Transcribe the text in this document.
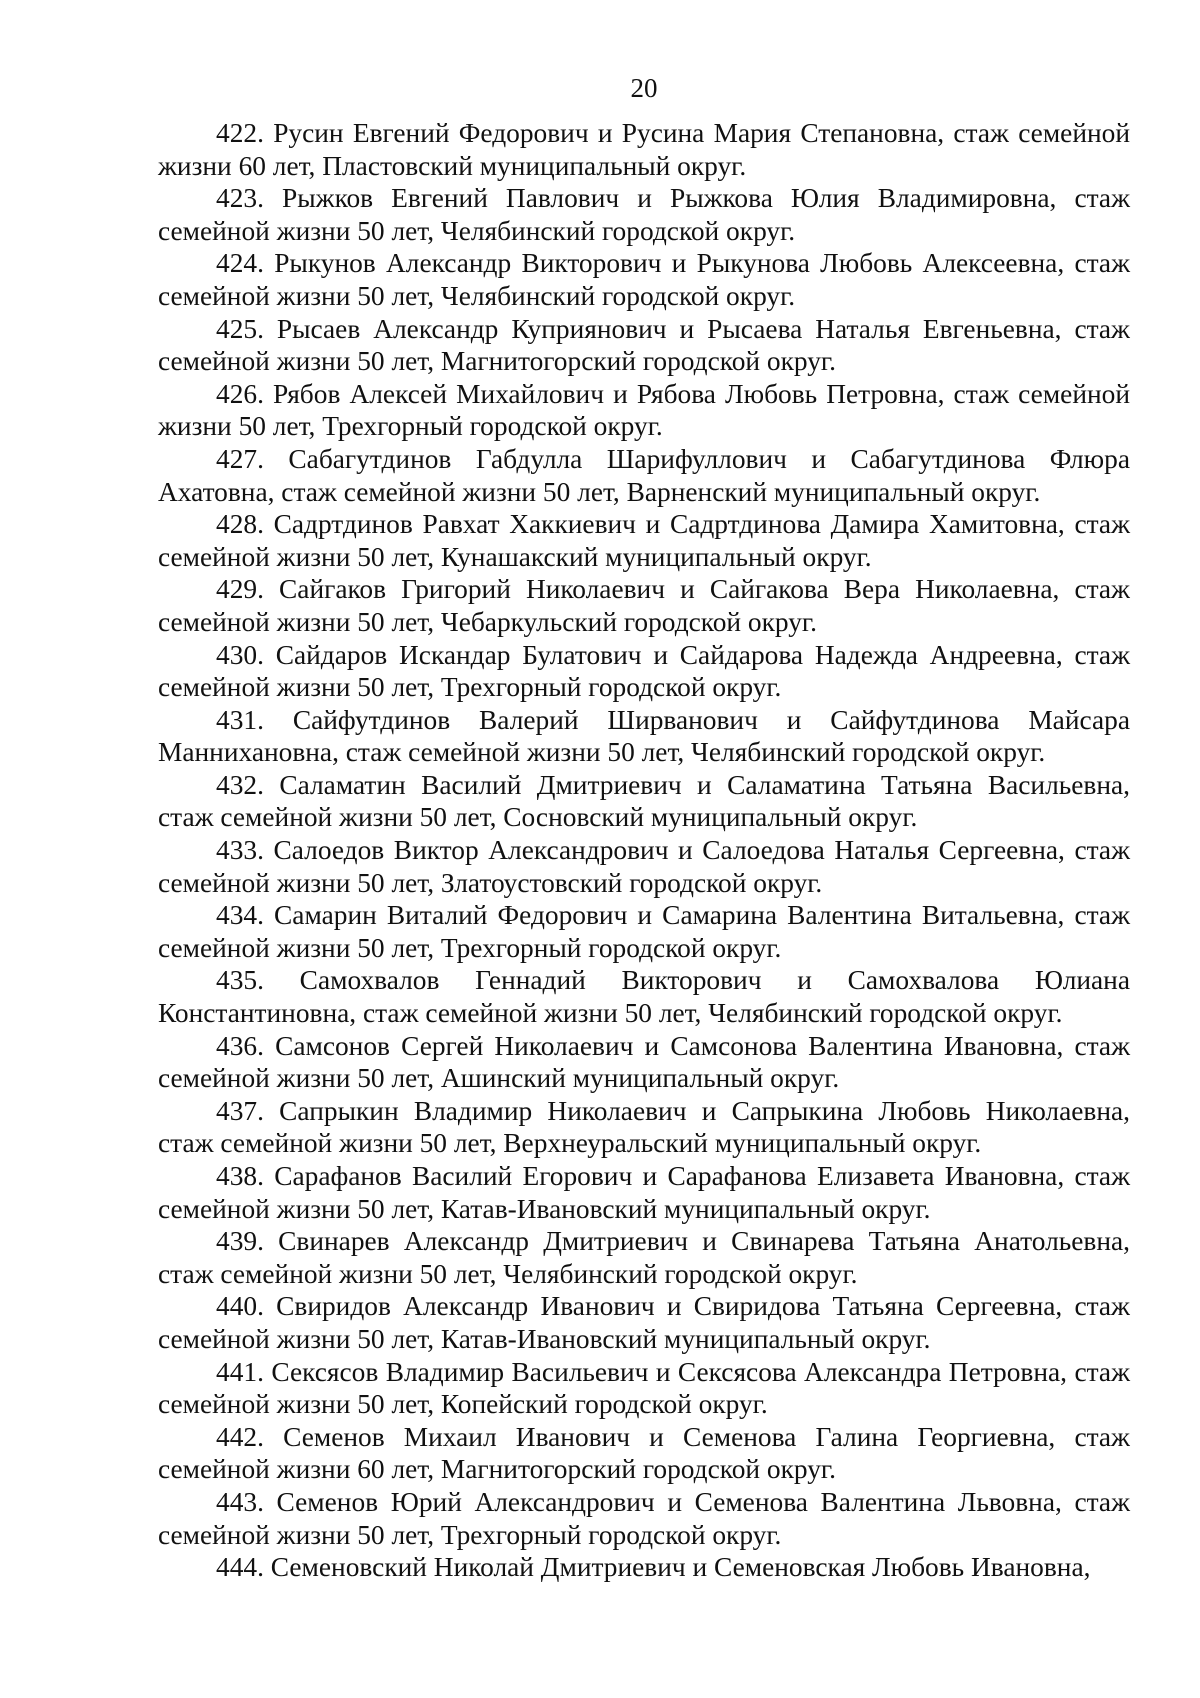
20
422. Русин Евгений Федорович и Русина Мария Степановна, стаж семейной жизни 60 лет, Пластовский муниципальный округ.
423. Рыжков Евгений Павлович и Рыжкова Юлия Владимировна, стаж семейной жизни 50 лет, Челябинский городской округ.
424. Рыкунов Александр Викторович и Рыкунова Любовь Алексеевна, стаж семейной жизни 50 лет, Челябинский городской округ.
425. Рысаев Александр Куприянович и Рысаева Наталья Евгеньевна, стаж семейной жизни 50 лет, Магнитогорский городской округ.
426. Рябов Алексей Михайлович и Рябова Любовь Петровна, стаж семейной жизни 50 лет, Трехгорный городской округ.
427. Сабагутдинов Габдулла Шарифуллович и Сабагутдинова Флюра Ахатовна, стаж семейной жизни 50 лет, Варненский муниципальный округ.
428. Садртдинов Равхат Хаккиевич и Садртдинова Дамира Хамитовна, стаж семейной жизни 50 лет, Кунашакский муниципальный округ.
429. Сайгаков Григорий Николаевич и Сайгакова Вера Николаевна, стаж семейной жизни 50 лет, Чебаркульский городской округ.
430. Сайдаров Искандар Булатович и Сайдарова Надежда Андреевна, стаж семейной жизни 50 лет, Трехгорный городской округ.
431. Сайфутдинов Валерий Ширванович и Сайфутдинова Майсара Маннихановна, стаж семейной жизни 50 лет, Челябинский городской округ.
432. Саламатин Василий Дмитриевич и Саламатина Татьяна Васильевна, стаж семейной жизни 50 лет, Сосновский муниципальный округ.
433. Салоедов Виктор Александрович и Салоедова Наталья Сергеевна, стаж семейной жизни 50 лет, Златоустовский городской округ.
434. Самарин Виталий Федорович и Самарина Валентина Витальевна, стаж семейной жизни 50 лет, Трехгорный городской округ.
435. Самохвалов Геннадий Викторович и Самохвалова Юлиана Константиновна, стаж семейной жизни 50 лет, Челябинский городской округ.
436. Самсонов Сергей Николаевич и Самсонова Валентина Ивановна, стаж семейной жизни 50 лет, Ашинский муниципальный округ.
437. Сапрыкин Владимир Николаевич и Сапрыкина Любовь Николаевна, стаж семейной жизни 50 лет, Верхнеуральский муниципальный округ.
438. Сарафанов Василий Егорович и Сарафанова Елизавета Ивановна, стаж семейной жизни 50 лет, Катав-Ивановский муниципальный округ.
439. Свинарев Александр Дмитриевич и Свинарева Татьяна Анатольевна, стаж семейной жизни 50 лет, Челябинский городской округ.
440. Свиридов Александр Иванович и Свиридова Татьяна Сергеевна, стаж семейной жизни 50 лет, Катав-Ивановский муниципальный округ.
441. Сексясов Владимир Васильевич и Сексясова Александра Петровна, стаж семейной жизни 50 лет, Копейский городской округ.
442. Семенов Михаил Иванович и Семенова Галина Георгиевна, стаж семейной жизни 60 лет, Магнитогорский городской округ.
443. Семенов Юрий Александрович и Семенова Валентина Львовна, стаж семейной жизни 50 лет, Трехгорный городской округ.
444. Семеновский Николай Дмитриевич и Семеновская Любовь Ивановна,
